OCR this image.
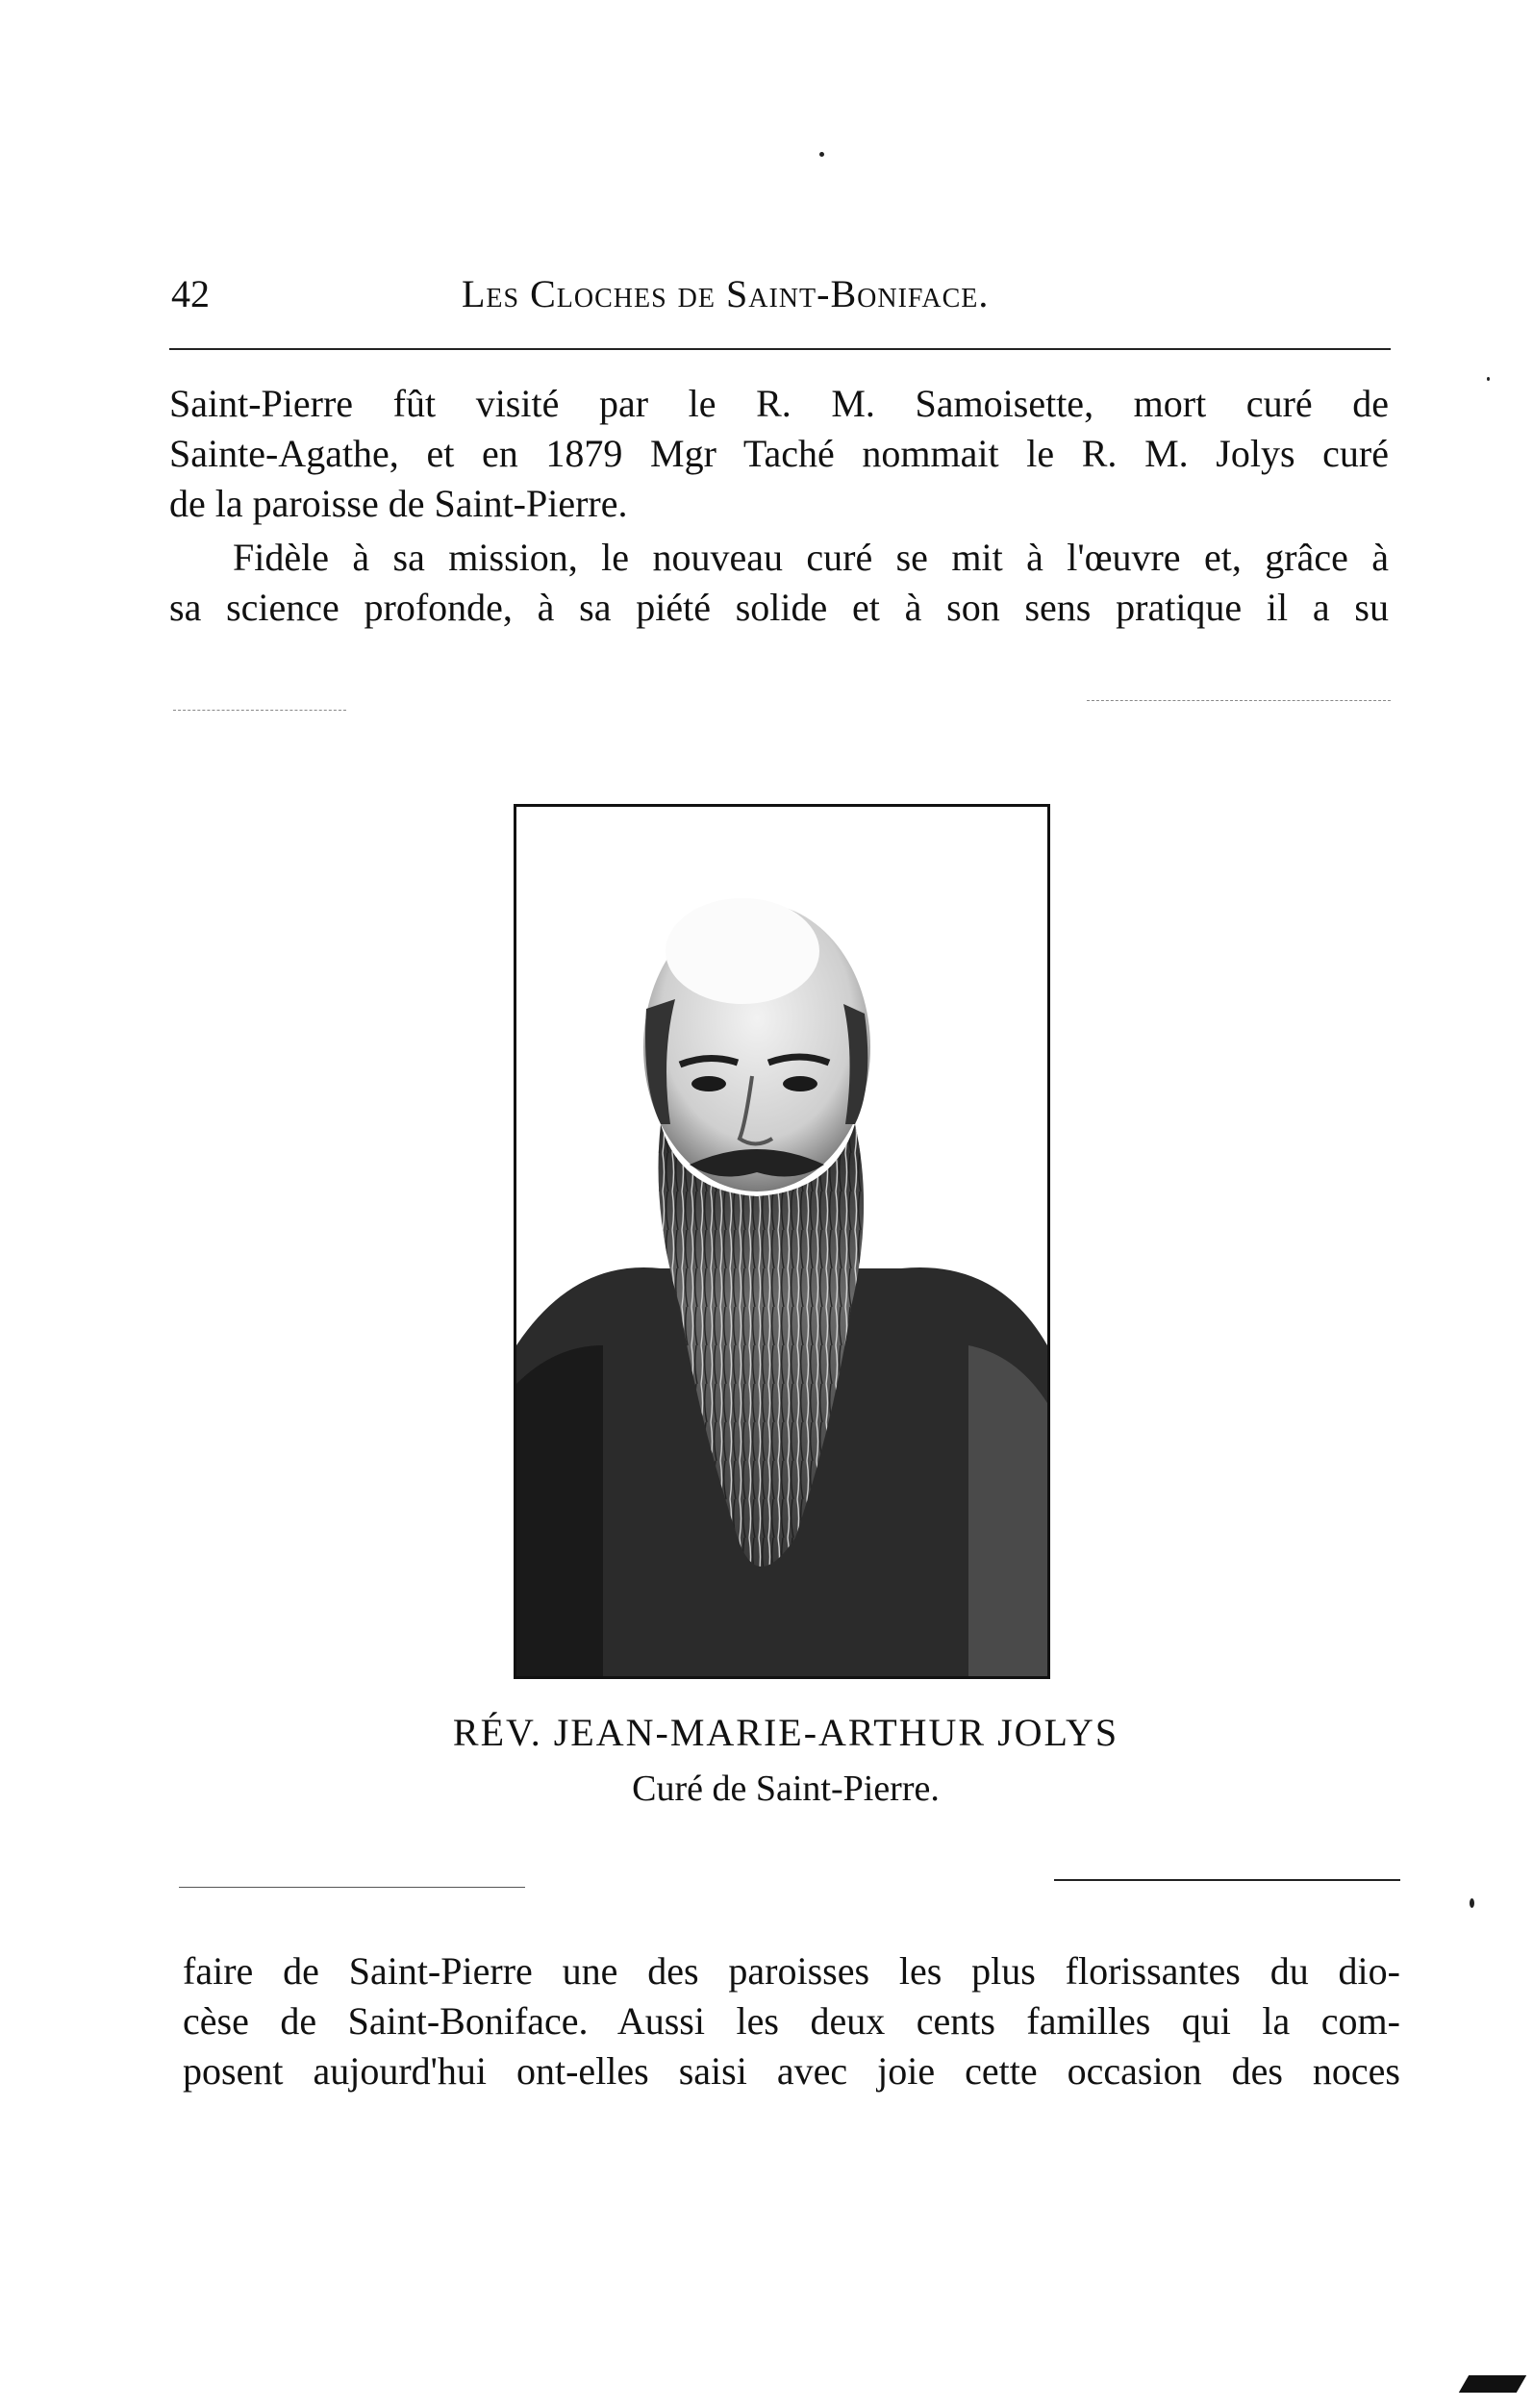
42	Les Cloches de Saint-Boniface.
Saint-Pierre fût visité par le R. M. Samoisette, mort curé de
Sainte-Agathe, et en 1879 Mgr Taché nommait le R. M. Jolys curé
de la paroisse de Saint-Pierre.
Fidèle à sa mission, le nouveau curé se mit à l'œuvre et, grâce à
sa science profonde, à sa piété solide et à son sens pratique il a su
RÉV. JEAN-MARIE-ARTHUR JOLYS
Curé de Saint-Pierre.
faire de Saint-Pierre une des paroisses les plus florissantes du dio-
cèse de Saint-Boniface. Aussi les deux cents familles qui la com-
posent aujourd'hui ont-elles saisi avec joie cette occasion des noces
